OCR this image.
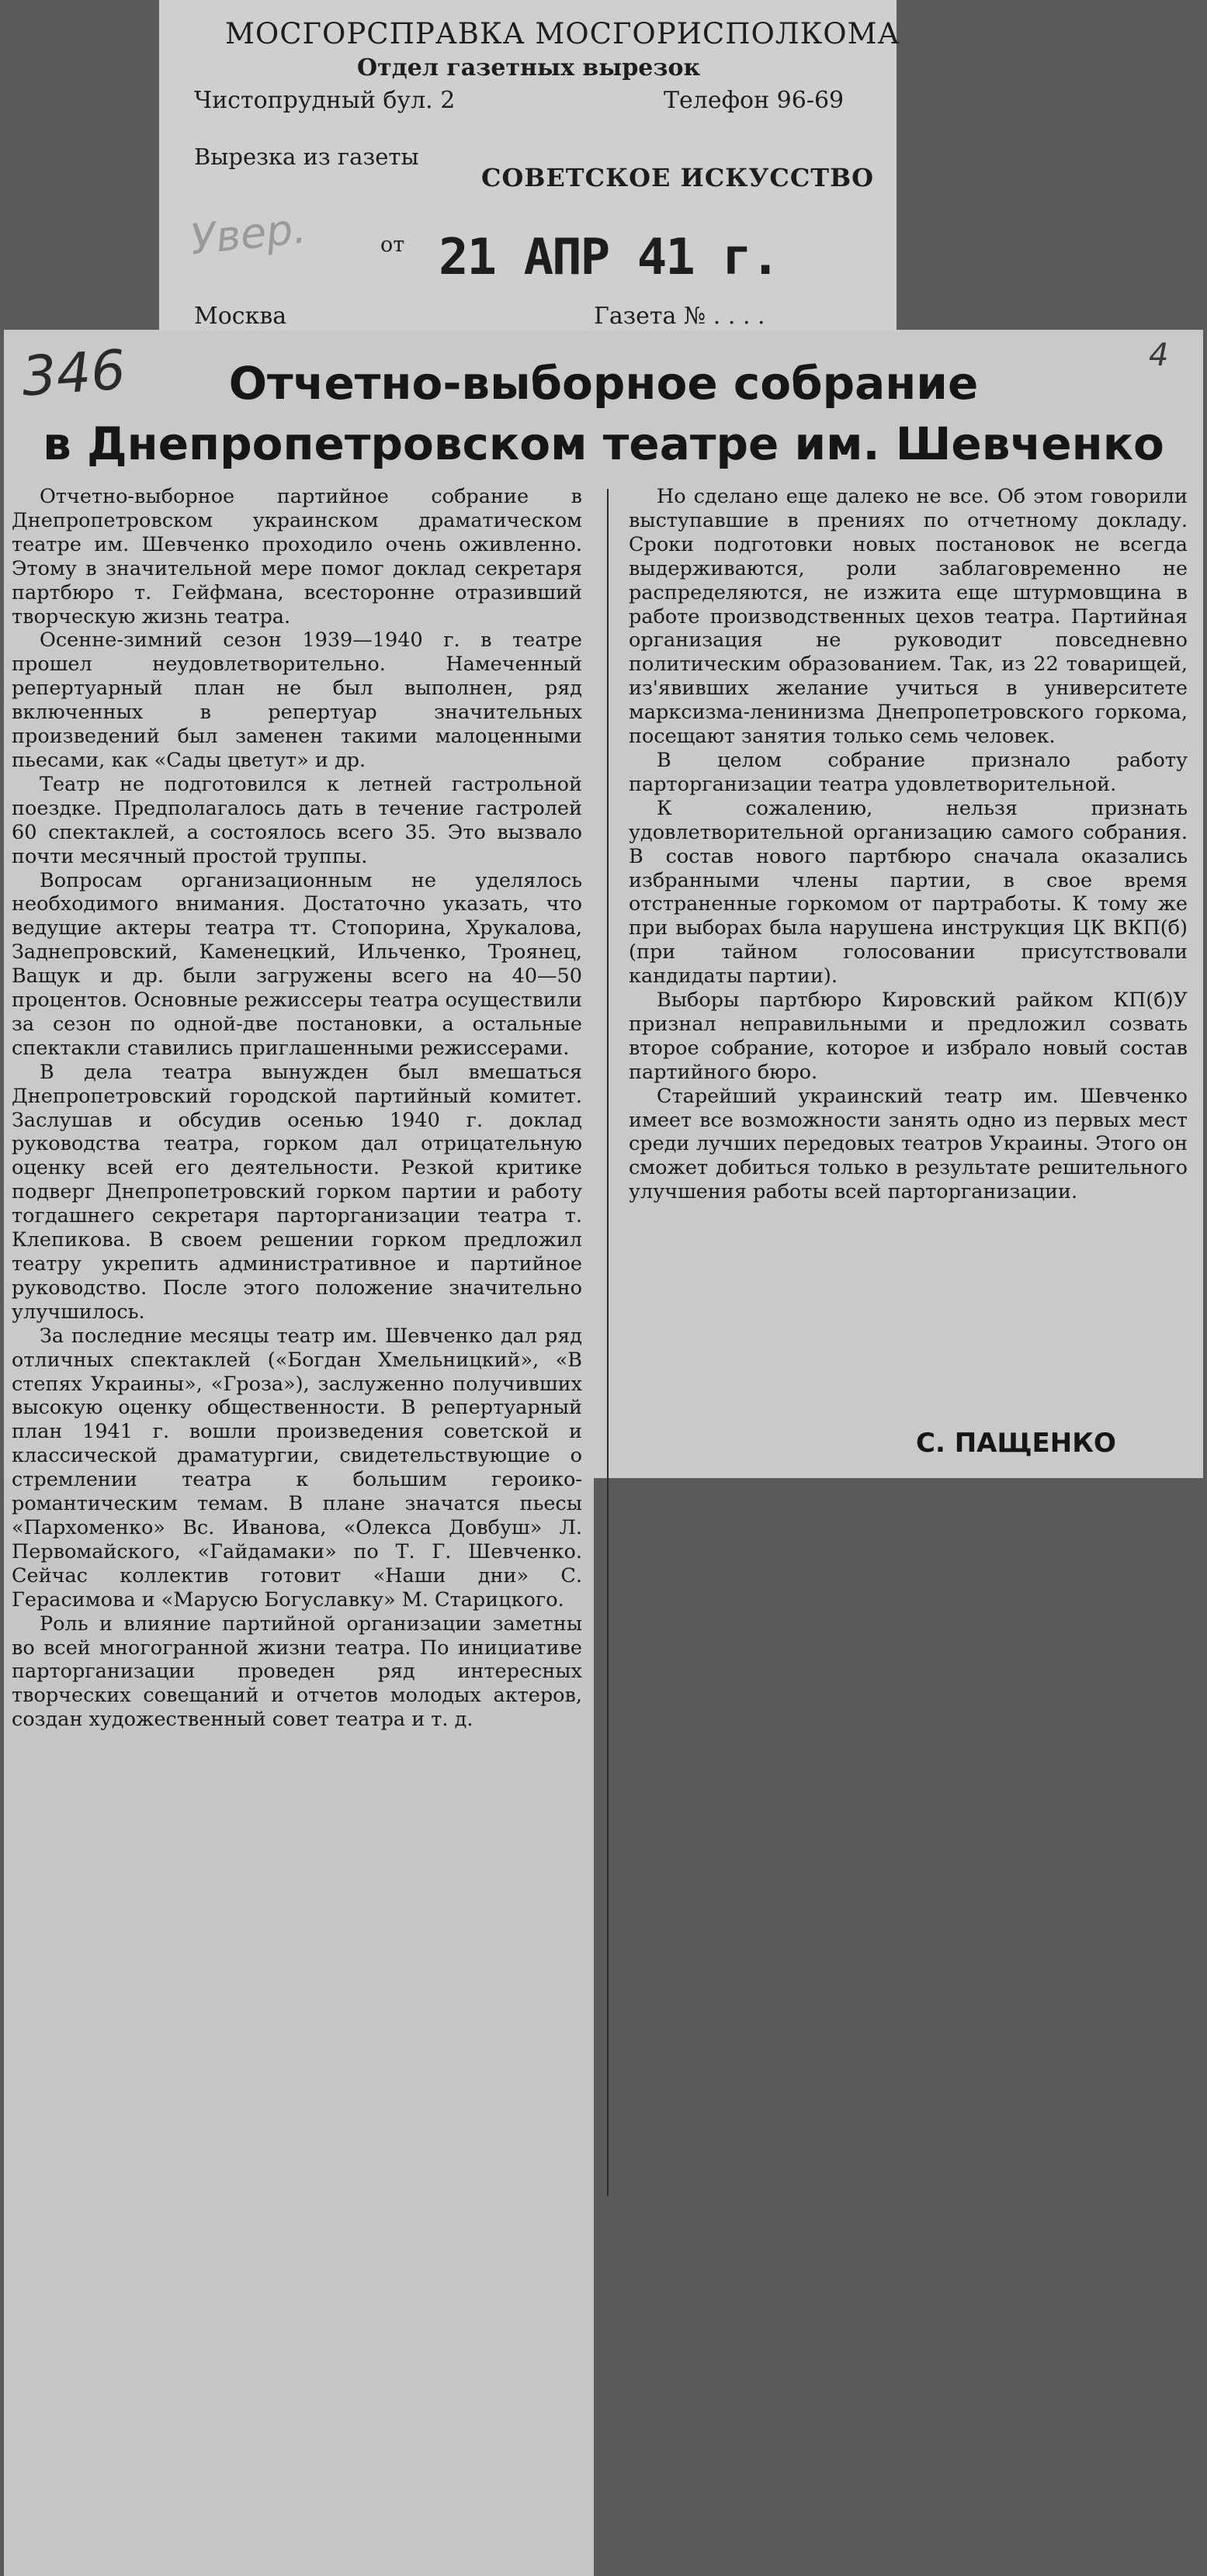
МОСГОРСПРАВКА МОСГОРИСПОЛКОМА
Отдел газетных вырезок
Чистопрудный бул. 2	Телефон 96-69
Вырезка из газеты
СОВЕТСКОЕ ИСКУССТВО
от 21 АПР 41 г.
Москва	Газета № . . . .
Увер.
Отчетно-выборное собрание
в Днепропетровском театре им. Шевченко
346	4

Отчетно-выборное партийное собрание в Днепропетровском украинском драматическом театре им. Шевченко проходило очень оживленно. Этому в значительной мере помог доклад секретаря партбюро т. Гейфмана, всесторонне отразивший творческую жизнь театра.

Осенне-зимний сезон 1939—1940 г. в театре прошел неудовлетворительно. Намеченный репертуарный план не был выполнен, ряд включенных в репертуар значительных произведений был заменен такими малоценными пьесами, как «Сады цветут» и др.

Театр не подготовился к летней гастрольной поездке. Предполагалось дать в течение гастролей 60 спектаклей, а состоялось всего 35. Это вызвало почти месячный простой труппы.

Вопросам организационным не уделялось необходимого внимания. Достаточно указать, что ведущие актеры театра тт. Стопорина, Хрукалова, Заднепровский, Каменецкий, Ильченко, Троянец, Ващук и др. были загружены всего на 40—50 процентов. Основные режиссеры театра осуществили за сезон по одной-две постановки, а остальные спектакли ставились приглашенными режиссерами.

В дела театра вынужден был вмешаться Днепропетровский городской партийный комитет. Заслушав и обсудив осенью 1940 г. доклад руководства театра, горком дал отрицательную оценку всей его деятельности. Резкой критике подверг Днепропетровский горком партии и работу тогдашнего секретаря парторганизации театра т. Клепикова. В своем решении горком предложил театру укрепить административное и партийное руководство. После этого положение значительно улучшилось.

За последние месяцы театр им. Шевченко дал ряд отличных спектаклей («Богдан Хмельницкий», «В степях Украины», «Гроза»), заслуженно получивших высокую оценку общественности. В репертуарный план 1941 г. вошли произведения советской и классической драматургии, свидетельствующие о стремлении театра к большим героико-романтическим темам. В плане значатся пьесы «Пархоменко» Вс. Иванова, «Олекса Довбуш» Л. Первомайского, «Гайдамаки» по Т. Г. Шевченко. Сейчас коллектив готовит «Наши дни» С. Герасимова и «Марусю Богуславку» М. Старицкого.

Роль и влияние партийной организации заметны во всей многогранной жизни театра. По инициативе парторганизации проведен ряд интересных творческих совещаний и отчетов молодых актеров, создан художественный совет театра и т. д.

Но сделано еще далеко не все. Об этом говорили выступавшие в прениях по отчетному докладу. Сроки подготовки новых постановок не всегда выдерживаются, роли заблаговременно не распределяются, не изжита еще штурмовщина в работе производственных цехов театра. Партийная организация не руководит повседневно политическим образованием. Так, из 22 товарищей, из'явивших желание учиться в университете марксизма-ленинизма Днепропетровского горкома, посещают занятия только семь человек.

В целом собрание признало работу парторганизации театра удовлетворительной.

К сожалению, нельзя признать удовлетворительной организацию самого собрания. В состав нового партбюро сначала оказались избранными члены партии, в свое время отстраненные горкомом от партработы. К тому же при выборах была нарушена инструкция ЦК ВКП(б) (при тайном голосовании присутствовали кандидаты партии).

Выборы партбюро Кировский райком КП(б)У признал неправильными и предложил созвать второе собрание, которое и избрало новый состав партийного бюро.

Старейший украинский театр им. Шевченко имеет все возможности занять одно из первых мест среди лучших передовых театров Украины. Этого он сможет добиться только в результате решительного улучшения работы всей парторганизации.

С. ПАЩЕНКО
